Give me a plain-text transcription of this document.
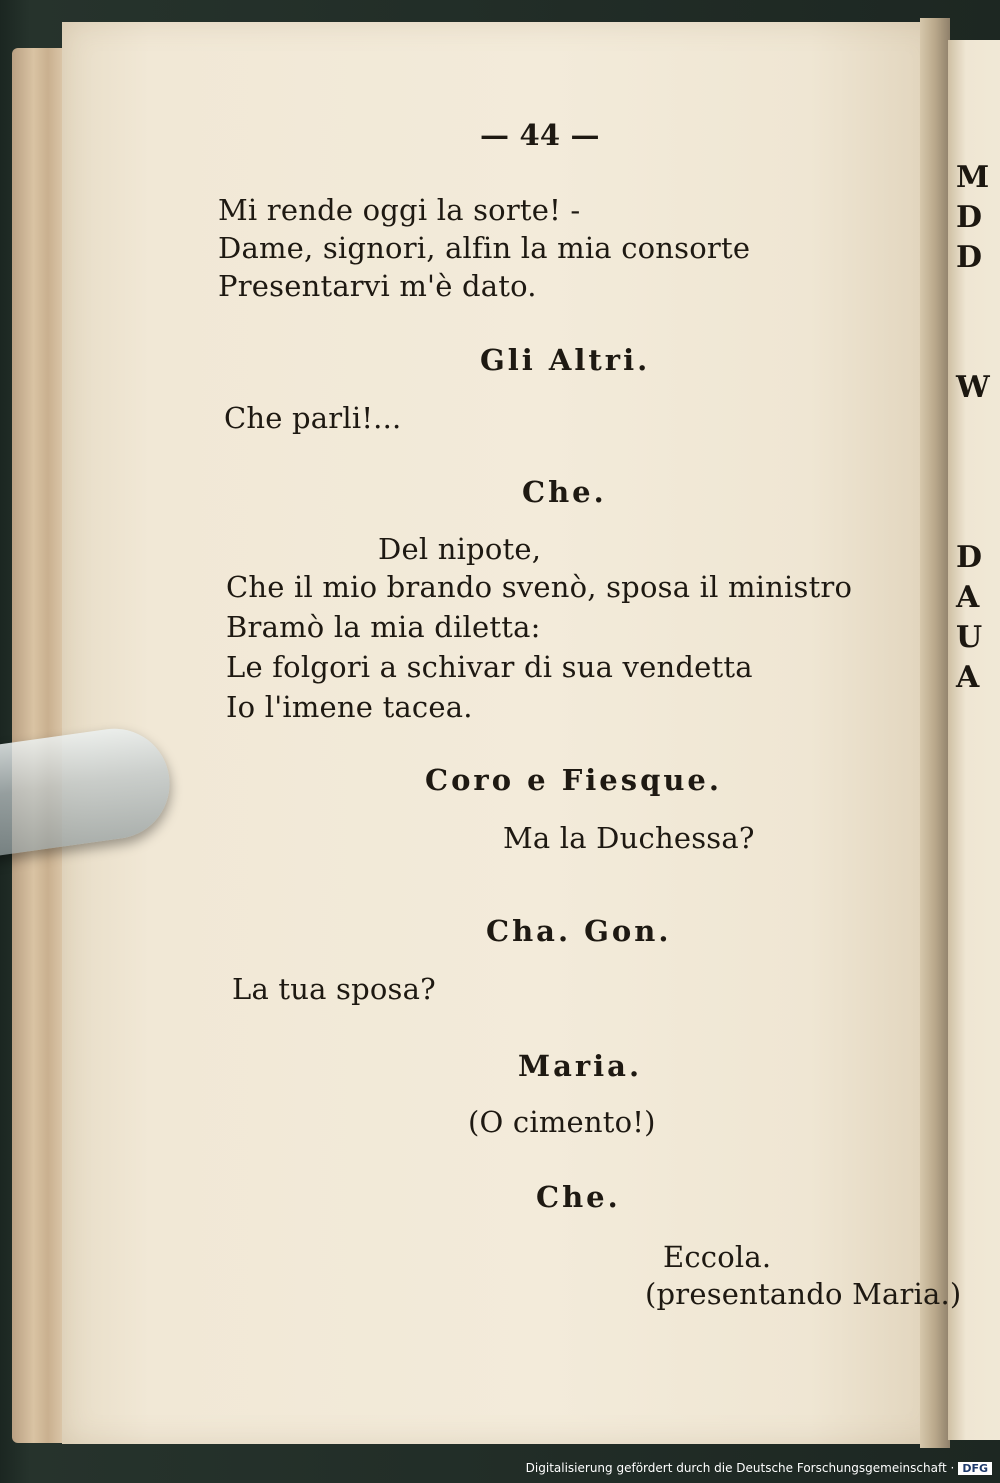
M
D
D
W
D
A
U
A
— 44 —
Mi rende oggi la sorte! -
Dame, signori, alfin la mia consorte
Presentarvi m'è dato.
Gli Altri.
Che parli!...
Che.
Del nipote,
Che il mio brando svenò, sposa il ministro
Bramò la mia diletta:
Le folgori a schivar di sua vendetta
Io l'imene tacea.
Coro e Fiesque.
Ma la Duchessa?
Cha. Gon.
La tua sposa?
Maria.
(O cimento!)
Che.
Eccola.
(presentando Maria.)
Digitalisierung gefördert durch die Deutsche Forschungsgemeinschaft · DFG
